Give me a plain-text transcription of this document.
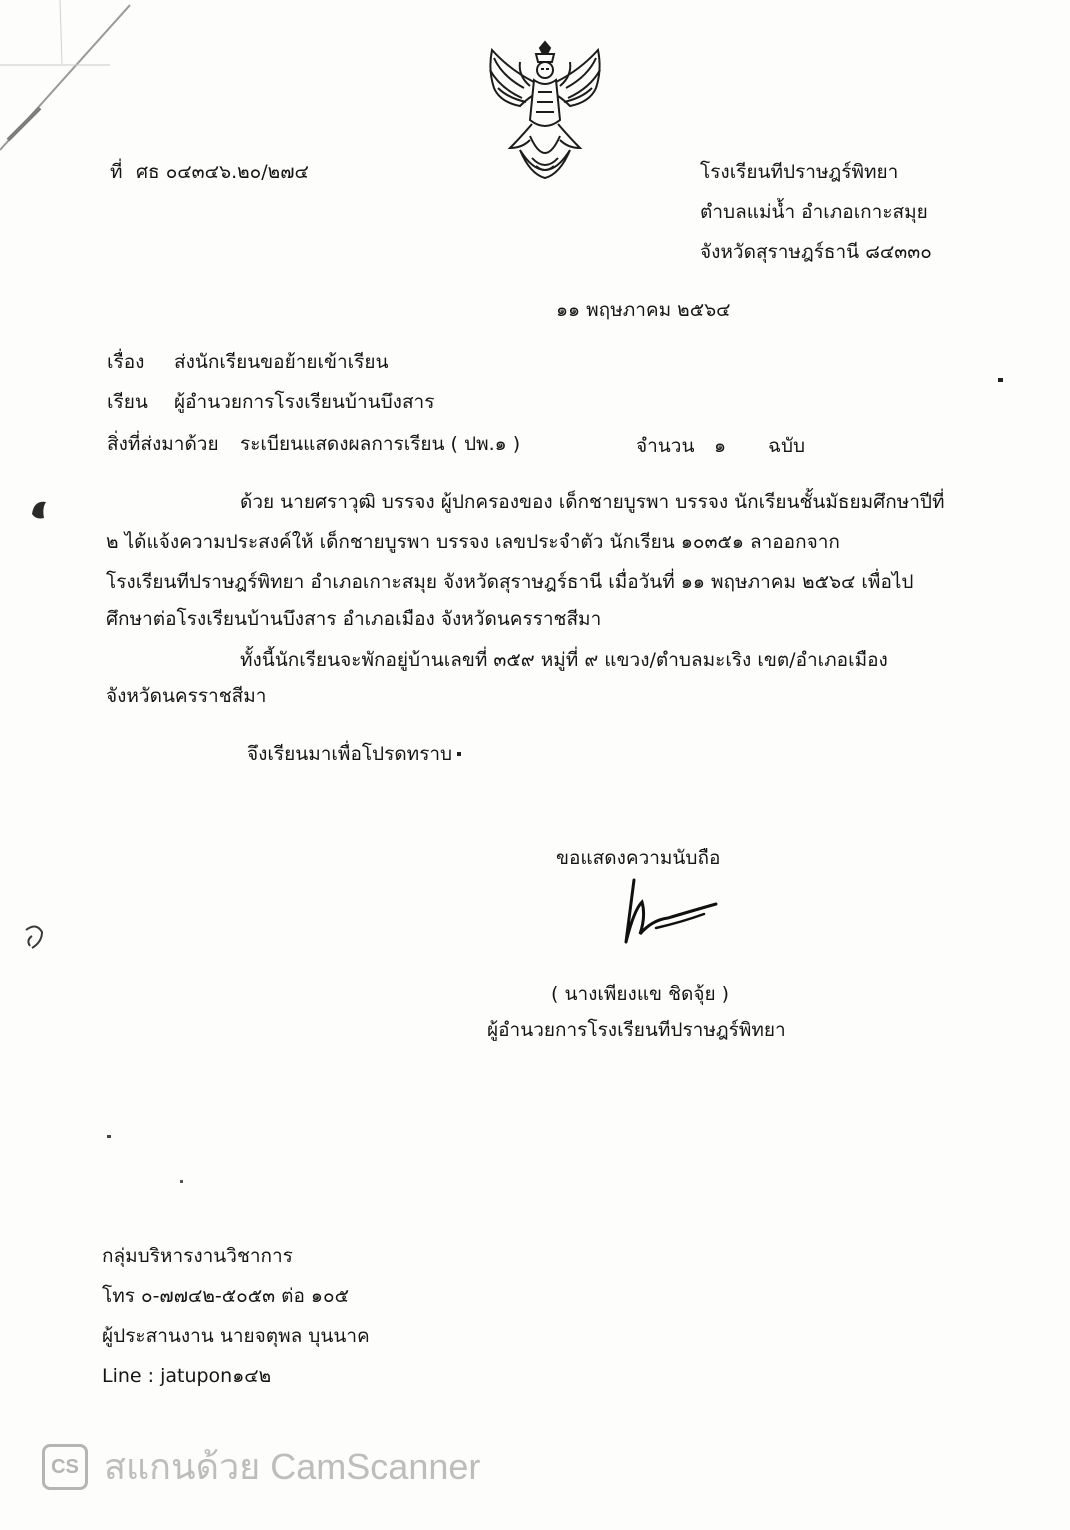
ที่ ศธ ๐๔๓๔๖.๒๐/๒๗๔	โรงเรียนทีปราษฎร์พิทยา
ตำบลแม่น้ำ อำเภอเกาะสมุย
จังหวัดสุราษฎร์ธานี ๘๔๓๓๐
๑๑ พฤษภาคม ๒๕๖๔
เรื่อง ส่งนักเรียนขอย้ายเข้าเรียน
เรียน ผู้อำนวยการโรงเรียนบ้านบึงสาร
สิ่งที่ส่งมาด้วย ระเบียนแสดงผลการเรียน ( ปพ.๑ )	จำนวน ๑ ฉบับ
ด้วย นายศราวุฒิ บรรจง ผู้ปกครองของ เด็กชายบูรพา บรรจง นักเรียนชั้นมัธยมศึกษาปีที่
๒ ได้แจ้งความประสงค์ให้ เด็กชายบูรพา บรรจง เลขประจำตัว นักเรียน ๑๐๓๕๑ ลาออกจาก
โรงเรียนทีปราษฎร์พิทยา อำเภอเกาะสมุย จังหวัดสุราษฎร์ธานี เมื่อวันที่ ๑๑ พฤษภาคม ๒๕๖๔ เพื่อไป
ศึกษาต่อโรงเรียนบ้านบึงสาร อำเภอเมือง จังหวัดนครราชสีมา
ทั้งนี้นักเรียนจะพักอยู่บ้านเลขที่ ๓๕๙ หมู่ที่ ๙ แขวง/ตำบลมะเริง เขต/อำเภอเมือง
จังหวัดนครราชสีมา
จึงเรียนมาเพื่อโปรดทราบ
ขอแสดงความนับถือ
( นางเพียงแข ชิดจุ้ย )
ผู้อำนวยการโรงเรียนทีปราษฎร์พิทยา
กลุ่มบริหารงานวิชาการ
โทร ๐-๗๗๔๒-๕๐๕๓ ต่อ ๑๐๕
ผู้ประสานงาน นายจตุพล บุนนาค
Line : jatupon๑๔๒
CS สแกนด้วย CamScanner
